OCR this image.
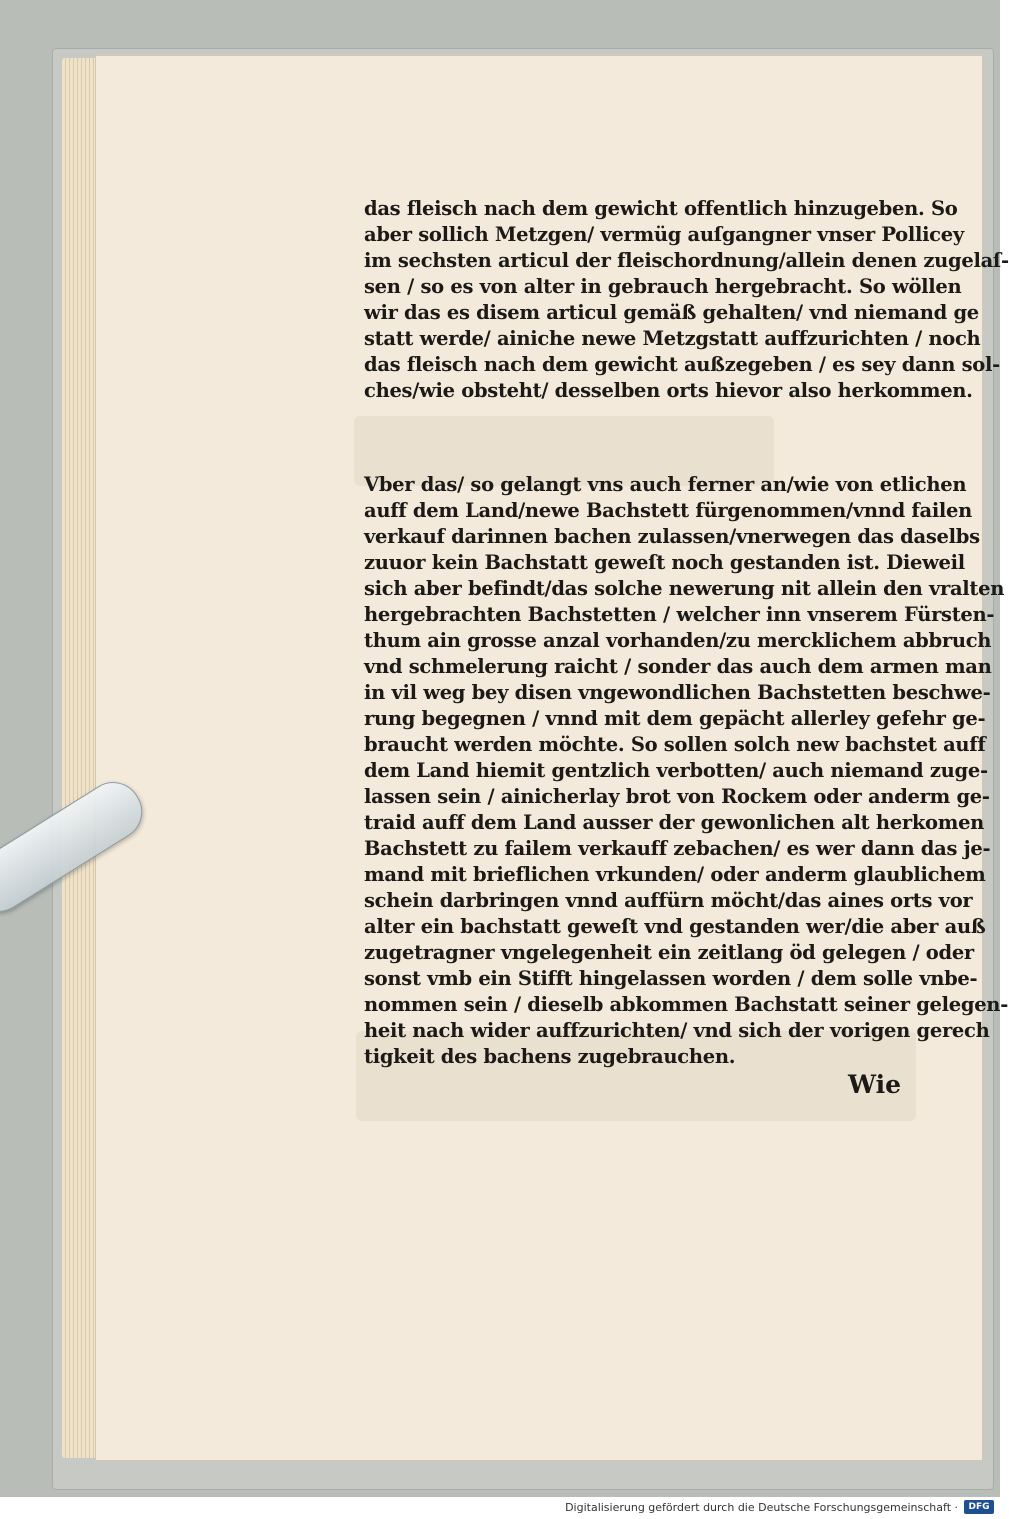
das fleisch nach dem gewicht offentlich hinzugeben. So
aber sollich Metzgen/ vermüg auſgangner vnser Pollicey
im sechsten articul der fleischordnung/allein denen zugelaſ-
sen / so es von alter in gebrauch hergebracht. So wöllen
wir das es disem articul gemäß gehalten/ vnd niemand ge
statt werde/ ainiche newe Metzgstatt auffzurichten / noch
das fleisch nach dem gewicht außzegeben / es sey dann sol-
ches/wie obsteht/ desselben orts hievor also herkommen.
Vber das/ so gelangt vns auch ferner an/wie von etlichen
auff dem Land/newe Bachstett fürgenommen/vnnd failen
verkauf darinnen bachen zulassen/vnerwegen das daselbs
zuuor kein Bachstatt geweſt noch gestanden ist. Dieweil
sich aber befindt/das solche newerung nit allein den vralten
hergebrachten Bachstetten / welcher inn vnserem Fürsten-
thum ain grosse anzal vorhanden/zu mercklichem abbruch
vnd schmelerung raicht / sonder das auch dem armen man
in vil weg bey disen vngewondlichen Bachstetten beschwe-
rung begegnen / vnnd mit dem gepächt allerley gefehr ge-
braucht werden möchte. So sollen solch new bachstet auff
dem Land hiemit gentzlich verbotten/ auch niemand zuge-
lassen sein / ainicherlay brot von Rockem oder anderm ge-
traid auff dem Land ausser der gewonlichen alt herkomen
Bachstett zu failem verkauff zebachen/ es wer dann das je-
mand mit brieflichen vrkunden/ oder anderm glaublichem
schein darbringen vnnd auffürn möcht/das aines orts vor
alter ein bachstatt geweſt vnd gestanden wer/die aber auß
zugetragner vngelegenheit ein zeitlang öd gelegen / oder
sonst vmb ein Stifft hingelassen worden / dem solle vnbe-
nommen sein / dieselb abkommen Bachstatt seiner gelegen-
heit nach wider auffzurichten/ vnd sich der vorigen gerech
tigkeit des bachens zugebrauchen.
Wie
Digitalisierung gefördert durch die Deutsche Forschungsgemeinschaft ·	DFG
